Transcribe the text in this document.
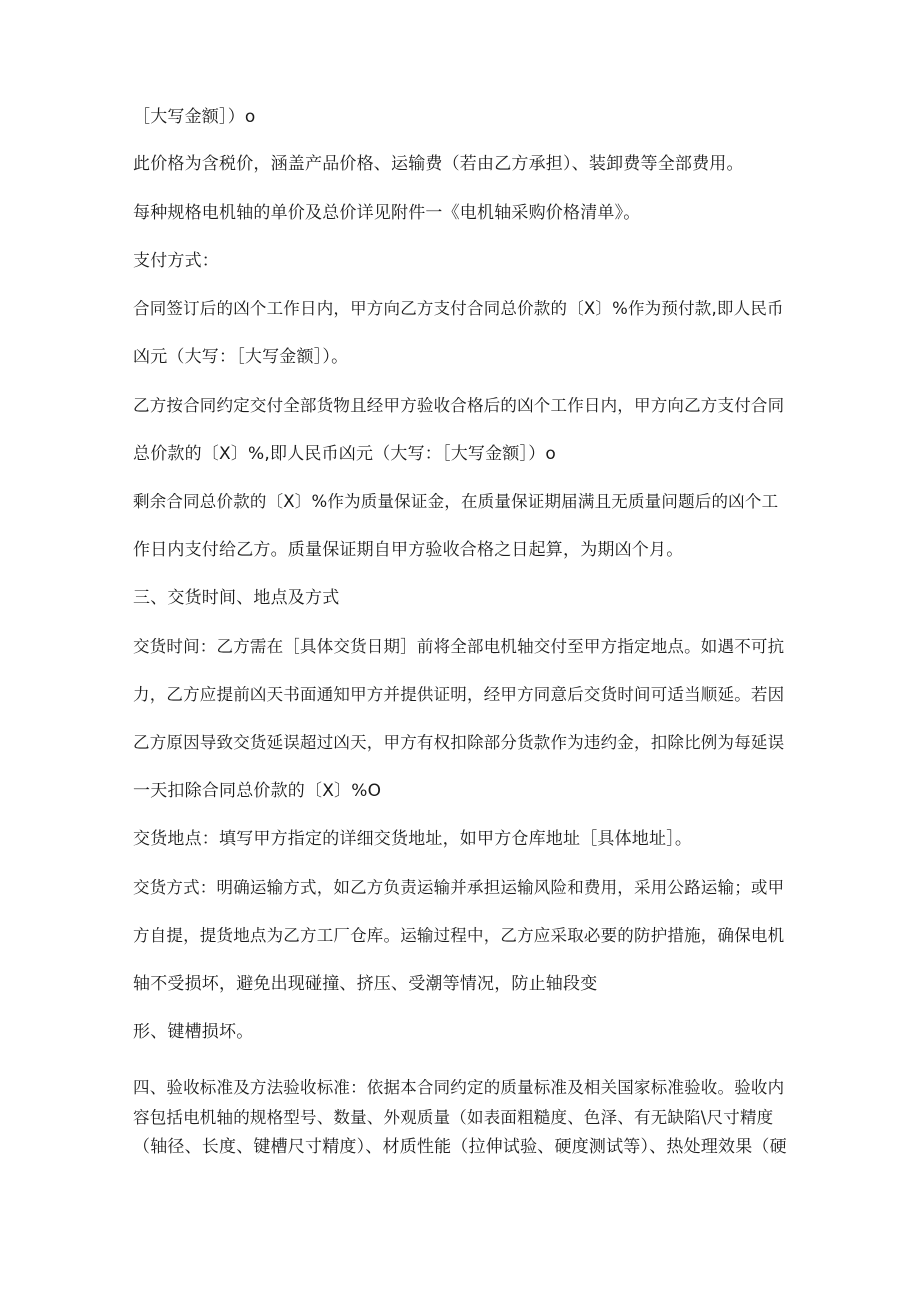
［大写金额］）o
此价格为含税价，涵盖产品价格、运输费（若由乙方承担）、装卸费等全部费用。
每种规格电机轴的单价及总价详见附件一《电机轴采购价格清单》。
支付方式：
合同签订后的凶个工作日内，甲方向乙方支付合同总价款的〔X〕%作为预付款,即人民币
凶元（大写：［大写金额］）。
乙方按合同约定交付全部货物且经甲方验收合格后的凶个工作日内，甲方向乙方支付合同
总价款的〔X〕%,即人民币凶元（大写：［大写金额］）o
剩余合同总价款的〔X〕%作为质量保证金，在质量保证期届满且无质量问题后的凶个工
作日内支付给乙方。质量保证期自甲方验收合格之日起算，为期凶个月。
三、交货时间、地点及方式
交货时间：乙方需在［具体交货日期］前将全部电机轴交付至甲方指定地点。如遇不可抗
力，乙方应提前凶天书面通知甲方并提供证明，经甲方同意后交货时间可适当顺延。若因
乙方原因导致交货延误超过凶天，甲方有权扣除部分货款作为违约金，扣除比例为每延误
一天扣除合同总价款的〔X〕%O
交货地点：填写甲方指定的详细交货地址，如甲方仓库地址［具体地址］。
交货方式：明确运输方式，如乙方负责运输并承担运输风险和费用，采用公路运输；或甲
方自提，提货地点为乙方工厂仓库。运输过程中，乙方应采取必要的防护措施，确保电机
轴不受损坏，避免出现碰撞、挤压、受潮等情况，防止轴段变
形、键槽损坏。
四、验收标准及方法验收标准：依据本合同约定的质量标准及相关国家标准验收。验收内
容包括电机轴的规格型号、数量、外观质量（如表面粗糙度、色泽、有无缺陷\尺寸精度
（轴径、长度、键槽尺寸精度）、材质性能（拉伸试验、硬度测试等）、热处理效果（硬
